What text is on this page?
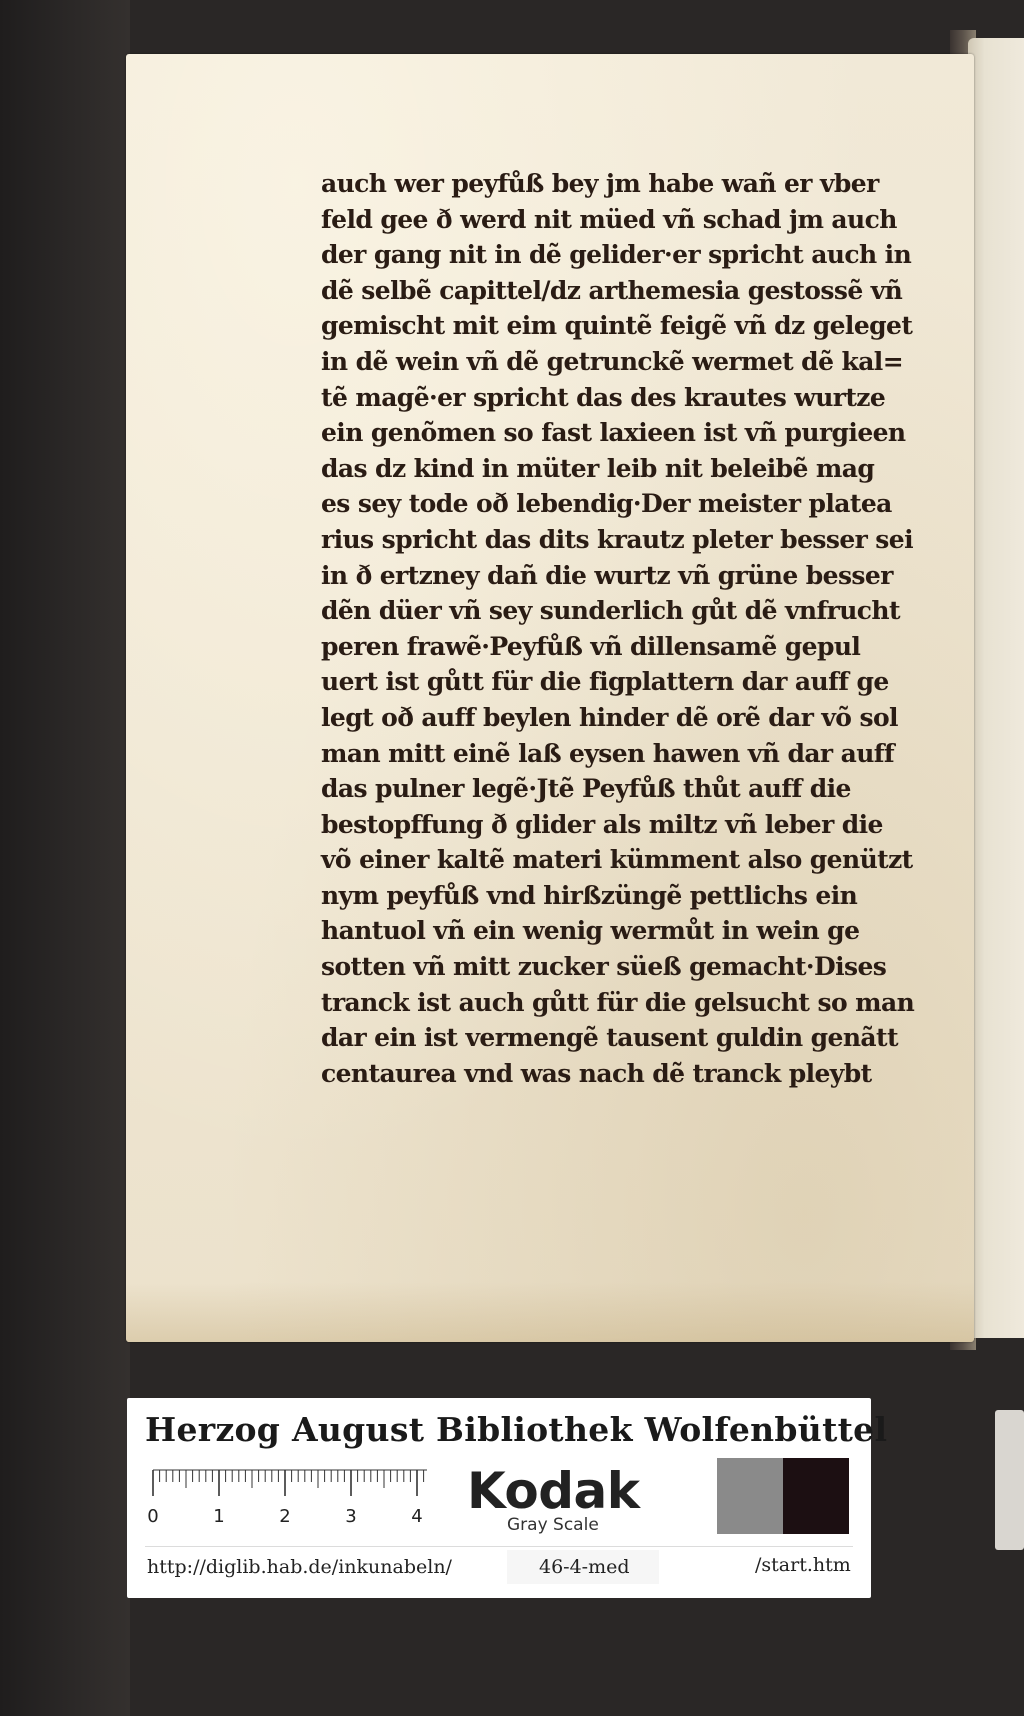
auch wer peyfůß bey jm habe wañ er vber
feld gee ð werd nit müed vñ schad jm auch
der gang nit in dẽ gelider·er spricht auch in
dẽ selbẽ capittel/dz arthemesia gestossẽ vñ
gemischt mit eim quintẽ feigẽ vñ dz geleget
in dẽ wein vñ dẽ getrunckẽ wermet dẽ kal=
tẽ magẽ·er spricht das des krautes wurtze
ein genõmen so fast laxieen ist vñ purgieen
das dz kind in müter leib nit beleibẽ mag
es sey tode oð lebendig·Der meister platea
rius spricht das dits krautz pleter besser sei
in ð ertzney dañ die wurtz vñ grüne besser
dẽn düer vñ sey sunderlich gůt dẽ vnfrucht
peren frawẽ·Peyfůß vñ dillensamẽ gepul
uert ist gůtt für die figplattern dar auff ge
legt oð auff beylen hinder dẽ orẽ dar võ sol
man mitt einẽ laß eysen hawen vñ dar auff
das pulner legẽ·Jtẽ Peyfůß thůt auff die
bestopffung ð glider als miltz vñ leber die
võ einer kaltẽ materi kümment also genützt
nym peyfůß vnd hirßzüngẽ pettlichs ein
hantuol vñ ein wenig wermůt in wein ge
sotten vñ mitt zucker süeß gemacht·Dises
tranck ist auch gůtt für die gelsucht so man
dar ein ist vermengẽ tausent guldin genãtt
centaurea vnd was nach dẽ tranck pleybt
Herzog August Bibliothek Wolfenbüttel
0	1	2	3	4 Kodak
Gray Scale
http://diglib.hab.de/inkunabeln/	46-4-med	/start.htm
